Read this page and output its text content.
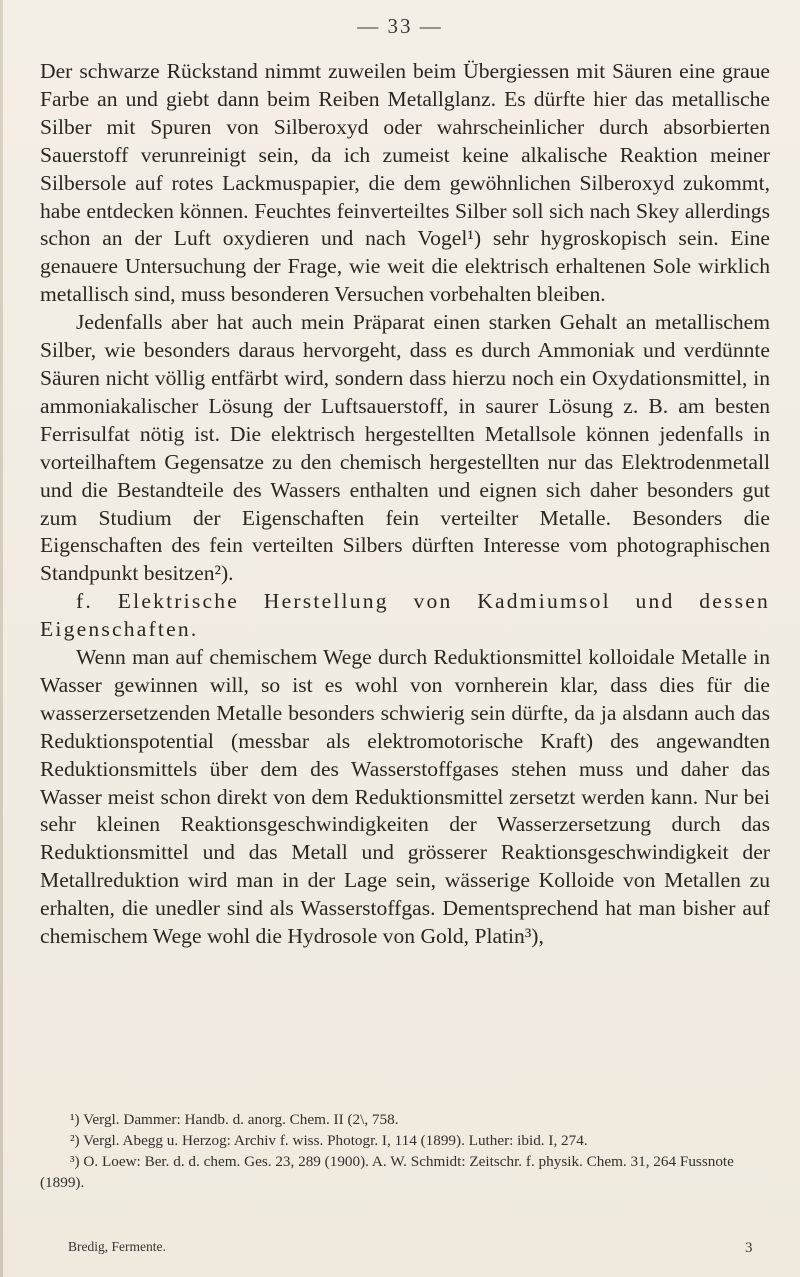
— 33 —

Der schwarze Rückstand nimmt zuweilen beim Übergiessen mit Säuren eine graue Farbe an und giebt dann beim Reiben Metallglanz. Es dürfte hier das metallische Silber mit Spuren von Silberoxyd oder wahrscheinlicher durch absorbierten Sauerstoff verunreinigt sein, da ich zumeist keine alkalische Reaktion meiner Silbersole auf rotes Lackmuspapier, die dem gewöhnlichen Silberoxyd zukommt, habe entdecken können. Feuchtes feinverteiltes Silber soll sich nach Skey allerdings schon an der Luft oxydieren und nach Vogel¹) sehr hygroskopisch sein. Eine genauere Untersuchung der Frage, wie weit die elektrisch erhaltenen Sole wirklich metallisch sind, muss besonderen Versuchen vorbehalten bleiben.

Jedenfalls aber hat auch mein Präparat einen starken Gehalt an metallischem Silber, wie besonders daraus hervorgeht, dass es durch Ammoniak und verdünnte Säuren nicht völlig entfärbt wird, sondern dass hierzu noch ein Oxydationsmittel, in ammoniakalischer Lösung der Luftsauerstoff, in saurer Lösung z. B. am besten Ferrisulfat nötig ist. Die elektrisch hergestellten Metallsole können jedenfalls in vorteilhaftem Gegensatze zu den chemisch hergestellten nur das Elektrodenmetall und die Bestandteile des Wassers enthalten und eignen sich daher besonders gut zum Studium der Eigenschaften fein verteilter Metalle. Besonders die Eigenschaften des fein verteilten Silbers dürften Interesse vom photographischen Standpunkt besitzen²).

f. Elektrische Herstellung von Kadmiumsol und dessen Eigenschaften.

Wenn man auf chemischem Wege durch Reduktionsmittel kolloidale Metalle in Wasser gewinnen will, so ist es wohl von vornherein klar, dass dies für die wasserzersetzenden Metalle besonders schwierig sein dürfte, da ja alsdann auch das Reduktionspotential (messbar als elektromotorische Kraft) des angewandten Reduktionsmittels über dem des Wasserstoffgases stehen muss und daher das Wasser meist schon direkt von dem Reduktionsmittel zersetzt werden kann. Nur bei sehr kleinen Reaktionsgeschwindigkeiten der Wasserzersetzung durch das Reduktionsmittel und das Metall und grösserer Reaktionsgeschwindigkeit der Metallreduktion wird man in der Lage sein, wässerige Kolloide von Metallen zu erhalten, die unedler sind als Wasserstoffgas. Dementsprechend hat man bisher auf chemischem Wege wohl die Hydrosole von Gold, Platin³),

¹) Vergl. Dammer: Handb. d. anorg. Chem. II (2\, 758.

²) Vergl. Abegg u. Herzog: Archiv f. wiss. Photogr. I, 114 (1899). Luther: ibid. I, 274.

³) O. Loew: Ber. d. d. chem. Ges. 23, 289 (1900). A. W. Schmidt: Zeitschr. f. physik. Chem. 31, 264 Fussnote (1899).

Bredig, Fermente.	3
